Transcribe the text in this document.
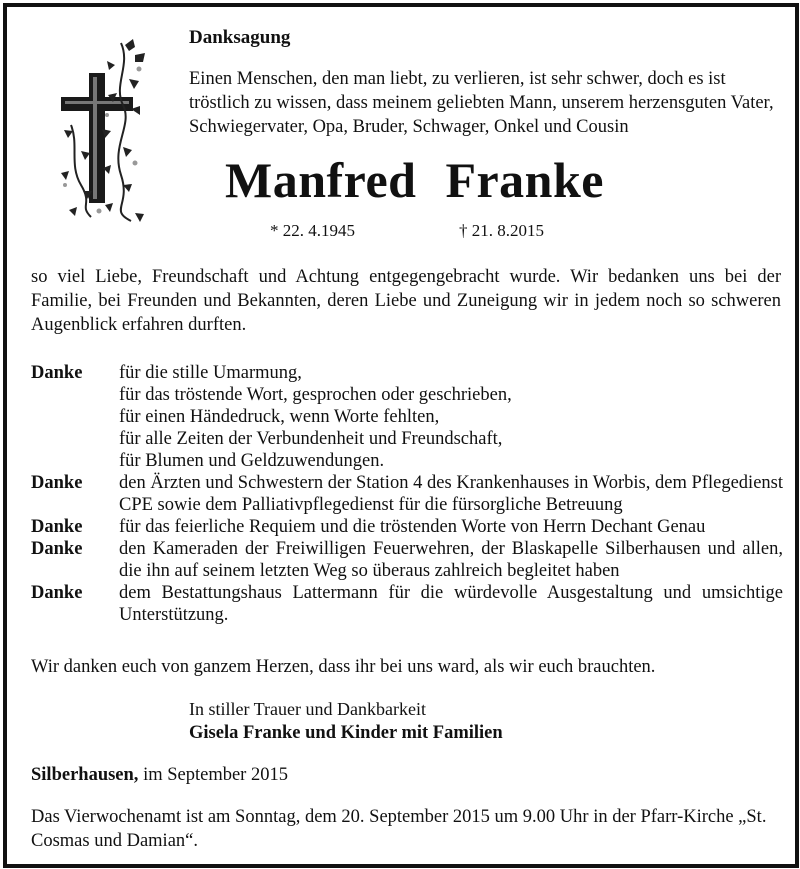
Danksagung
Einen Menschen, den man liebt, zu verlieren, ist sehr schwer, doch es ist tröstlich zu wissen, dass meinem geliebten Mann, unserem herzensguten Vater, Schwiegervater, Opa, Bruder, Schwager, Onkel und Cousin
Manfred Franke
* 22. 4.1945	† 21. 8.2015
so viel Liebe, Freundschaft und Achtung entgegengebracht wurde. Wir bedanken uns bei der Familie, bei Freunden und Bekannten, deren Liebe und Zuneigung wir in jedem noch so schweren Augenblick erfahren durften.
Danke	für die stille Umarmung,
für das tröstende Wort, gesprochen oder geschrieben,
für einen Händedruck, wenn Worte fehlten,
für alle Zeiten der Verbundenheit und Freundschaft,
für Blumen und Geldzuwendungen.
Danke	den Ärzten und Schwestern der Station 4 des Krankenhauses in Worbis, dem Pflegedienst CPE sowie dem Palliativpflegedienst für die fürsorgliche Betreuung
Danke	für das feierliche Requiem und die tröstenden Worte von Herrn Dechant Genau
Danke	den Kameraden der Freiwilligen Feuerwehren, der Blaskapelle Silberhausen und allen, die ihn auf seinem letzten Weg so überaus zahlreich begleitet haben
Danke	dem Bestattungshaus Lattermann für die würdevolle Ausgestaltung und umsichtige Unterstützung.
Wir danken euch von ganzem Herzen, dass ihr bei uns ward, als wir euch brauchten.
In stiller Trauer und Dankbarkeit
Gisela Franke und Kinder mit Familien
Silberhausen, im September 2015
Das Vierwochenamt ist am Sonntag, dem 20. September 2015 um 9.00 Uhr in der Pfarr-Kirche „St. Cosmas und Damian“.
